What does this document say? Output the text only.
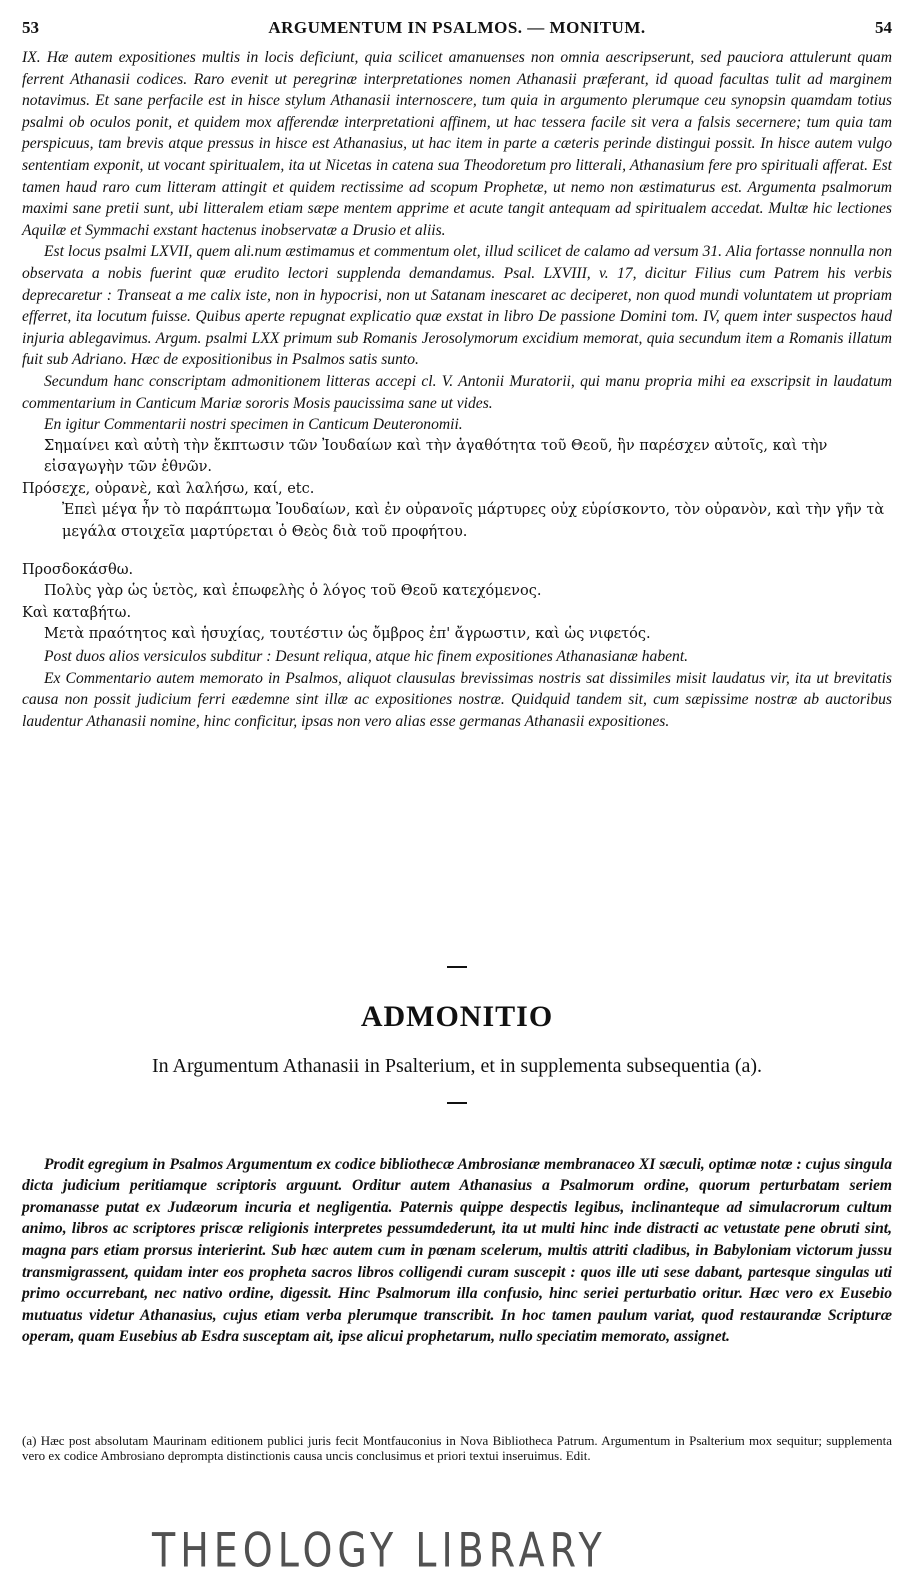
53	ARGUMENTUM IN PSALMOS. — MONITUM.	54

IX. Hæ autem expositiones multis in locis deficiunt, quia scilicet amanuenses non omnia aescripserunt, sed pauciora attulerunt quam ferrent Athanasii codices. Raro evenit ut peregrinæ interpretationes nomen Athanasii præferant, id quoad facultas tulit ad marginem notavimus. Et sane perfacile est in hisce stylum Athanasii internoscere, tum quia in argumento plerumque ceu synopsin quamdam totius psalmi ob oculos ponit, et quidem mox afferendæ interpretationi affinem, ut hac tessera facile sit vera a falsis secernere; tum quia tam perspicuus, tam brevis atque pressus in hisce est Athanasius, ut hac item in parte a cæteris perinde distingui possit. In hisce autem vulgo sententiam exponit, ut vocant spiritualem, ita ut Nicetas in catena sua Theodoretum pro litterali, Athanasium fere pro spirituali afferat. Est tamen haud raro cum litteram attingit et quidem rectissime ad scopum Prophetæ, ut nemo non æstimaturus est. Argumenta psalmorum maximi sane pretii sunt, ubi litteralem etiam sæpe mentem apprime et acute tangit antequam ad spiritualem accedat. Multæ hic lectiones Aquilæ et Symmachi exstant hactenus inobservatæ a Drusio et aliis.

Est locus psalmi LXVII, quem ali.num æstimamus et commentum olet, illud scilicet de calamo ad versum 31. Alia fortasse nonnulla non observata a nobis fuerint quæ erudito lectori supplenda demandamus. Psal. LXVIII, v. 17, dicitur Filius cum Patrem his verbis deprecaretur : Transeat a me calix iste, non in hypocrisi, non ut Satanam inescaret ac deciperet, non quod mundi voluntatem ut propriam efferret, ita locutum fuisse. Quibus aperte repugnat explicatio quæ exstat in libro De passione Domini tom. IV, quem inter suspectos haud injuria ablegavimus. Argum. psalmi LXX primum sub Romanis Jerosolymorum excidium memorat, quia secundum item a Romanis illatum fuit sub Adriano. Hæc de expositionibus in Psalmos satis sunto.

Secundum hanc conscriptam admonitionem litteras accepi cl. V. Antonii Muratorii, qui manu propria mihi ea exscripsit in laudatum commentarium in Canticum Mariæ sororis Mosis paucissima sane ut vides.

En igitur Commentarii nostri specimen in Canticum Deuteronomii.

Σημαίνει καὶ αὐτὴ τὴν ἔκπτωσιν τῶν Ἰουδαίων καὶ τὴν ἀγαθότητα τοῦ Θεοῦ, ἣν παρέσχεν αὐτοῖς, καὶ τὴν εἰσαγωγὴν τῶν ἐθνῶν.

Πρόσεχε, οὐρανὲ, καὶ λαλήσω, καί, etc.

Ἐπεὶ μέγα ἦν τὸ παράπτωμα Ἰουδαίων, καὶ ἐν οὐρανοῖς μάρτυρες οὐχ εὑρίσκοντο, τὸν οὐρανὸν, καὶ τὴν γῆν τὰ μεγάλα στοιχεῖα μαρτύρεται ὁ Θεὸς διὰ τοῦ προφήτου.

Προσδοκάσθω.

Πολὺς γὰρ ὡς ὑετὸς, καὶ ἐπωφελὴς ὁ λόγος τοῦ Θεοῦ κατεχόμενος.

Καὶ καταβήτω.

Μετὰ πραότητος καὶ ἡσυχίας, τουτέστιν ὡς ὄμβρος ἐπ' ἄγρωστιν, καὶ ὡς νιφετός.

Post duos alios versiculos subditur : Desunt reliqua, atque hic finem expositiones Athanasianæ habent.

Ex Commentario autem memorato in Psalmos, aliquot clausulas brevissimas nostris sat dissimiles misit laudatus vir, ita ut brevitatis causa non possit judicium ferri eædemne sint illæ ac expositiones nostræ. Quidquid tandem sit, cum sæpissime nostræ ab auctoribus laudentur Athanasii nomine, hinc conficitur, ipsas non vero alias esse germanas Athanasii expositiones.

ADMONITIO
In Argumentum Athanasii in Psalterium, et in supplementa subsequentia (a).

Prodit egregium in Psalmos Argumentum ex codice bibliothecæ Ambrosianæ membranaceo XI sæculi, optimæ notæ : cujus singula dicta judicium peritiamque scriptoris arguunt. Orditur autem Athanasius a Psalmorum ordine, quorum perturbatam seriem promanasse putat ex Judæorum incuria et negligentia. Paternis quippe despectis legibus, inclinanteque ad simulacrorum cultum animo, libros ac scriptores priscæ religionis interpretes pessumdederunt, ita ut multi hinc inde distracti ac vetustate pene obruti sint, magna pars etiam prorsus interierint. Sub hæc autem cum in pœnam scelerum, multis attriti cladibus, in Babyloniam victorum jussu transmigrassent, quidam inter eos propheta sacros libros colligendi curam suscepit : quos ille uti sese dabant, partesque singulas uti primo occurrebant, nec nativo ordine, digessit. Hinc Psalmorum illa confusio, hinc seriei perturbatio oritur. Hæc vero ex Eusebio mutuatus videtur Athanasius, cujus etiam verba plerumque transcribit. In hoc tamen paulum variat, quod restaurandæ Scripturæ operam, quam Eusebius ab Esdra susceptam ait, ipse alicui prophetarum, nullo speciatim memorato, assignet.

(a) Hæc post absolutam Maurinam editionem publici juris fecit Montfauconius in Nova Bibliotheca Patrum. Argumentum in Psalterium mox sequitur; supplementa vero ex codice Ambrosiano deprompta distinctionis causa uncis conclusimus et priori textui inseruimus. Edit.

THEOLOGY LIBRARY
